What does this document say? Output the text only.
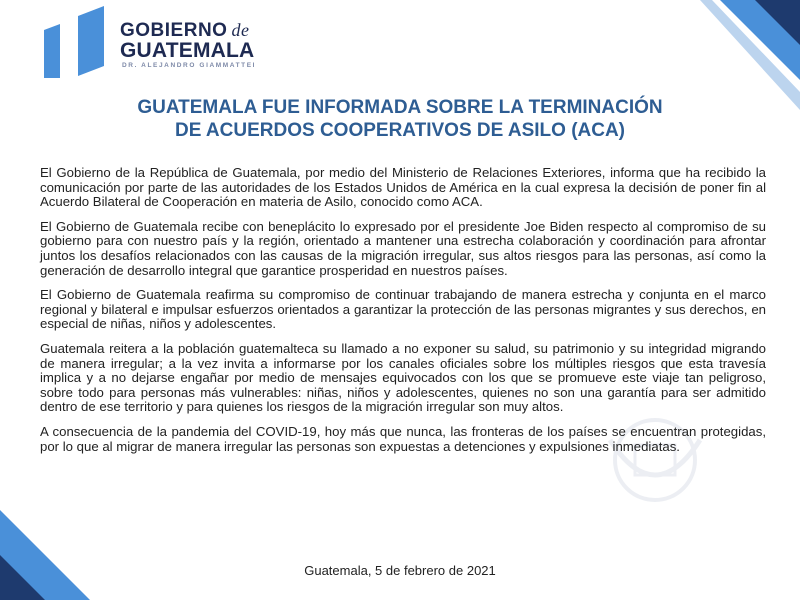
GOBIERNO de
GUATEMALA
DR. ALEJANDRO GIAMMATTEI
GUATEMALA FUE INFORMADA SOBRE LA TERMINACIÓN
DE ACUERDOS COOPERATIVOS DE ASILO (ACA)

El Gobierno de la República de Guatemala, por medio del Ministerio de Relaciones Exteriores, informa que ha recibido la comunicación por parte de las autoridades de los Estados Unidos de América en la cual expresa la decisión de poner fin al Acuerdo Bilateral de Cooperación en materia de Asilo, conocido como ACA.

El Gobierno de Guatemala recibe con beneplácito lo expresado por el presidente Joe Biden respecto al compromiso de su gobierno para con nuestro país y la región, orientado a mantener una estrecha colaboración y coordinación para afrontar juntos los desafíos relacionados con las causas de la migración irregular, sus altos riesgos para las personas, así como la generación de desarrollo integral que garantice prosperidad en nuestros países.

El Gobierno de Guatemala reafirma su compromiso de continuar trabajando de manera estrecha y conjunta en el marco regional y bilateral e impulsar esfuerzos orientados a garantizar la protección de las personas migrantes y sus derechos, en especial de niñas, niños y adolescentes.

Guatemala reitera a la población guatemalteca su llamado a no exponer su salud, su patrimonio y su integridad migrando de manera irregular; a la vez invita a informarse por los canales oficiales sobre los múltiples riesgos que esta travesía implica y a no dejarse engañar por medio de mensajes equivocados con los que se promueve este viaje tan peligroso, sobre todo para personas más vulnerables: niñas, niños y adolescentes, quienes no son una garantía para ser admitido dentro de ese territorio y para quienes los riesgos de la migración irregular son muy altos.

A consecuencia de la pandemia del COVID-19, hoy más que nunca, las fronteras de los países se encuentran protegidas, por lo que al migrar de manera irregular las personas son expuestas a detenciones y expulsiones inmediatas.

Guatemala, 5 de febrero de 2021
